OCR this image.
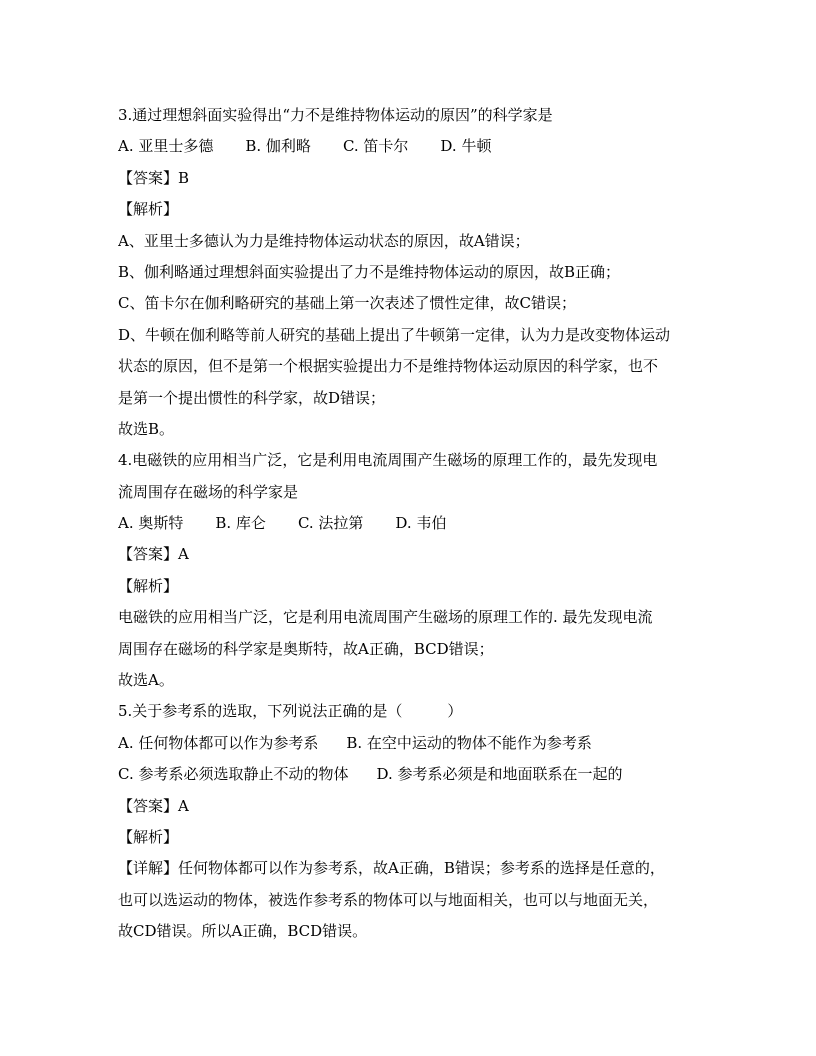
3.通过理想斜面实验得出“力不是维持物体运动的原因”的科学家是
A. 亚里士多德 B. 伽利略 C. 笛卡尔 D. 牛顿
【答案】B
【解析】
A、亚里士多德认为力是维持物体运动状态的原因，故A错误；
B、伽利略通过理想斜面实验提出了力不是维持物体运动的原因，故B正确；
C、笛卡尔在伽利略研究的基础上第一次表述了惯性定律，故C错误；
D、牛顿在伽利略等前人研究的基础上提出了牛顿第一定律，认为力是改变物体运动
状态的原因，但不是第一个根据实验提出力不是维持物体运动原因的科学家，也不
是第一个提出惯性的科学家，故D错误；
故选B。
4.电磁铁的应用相当广泛，它是利用电流周围产生磁场的原理工作的，最先发现电
流周围存在磁场的科学家是
A. 奥斯特 B. 库仑 C. 法拉第 D. 韦伯
【答案】A
【解析】
电磁铁的应用相当广泛，它是利用电流周围产生磁场的原理工作的. 最先发现电流
周围存在磁场的科学家是奥斯特，故A正确，BCD错误；
故选A。
5.关于参考系的选取，下列说法正确的是（　　　）
A. 任何物体都可以作为参考系 B. 在空中运动的物体不能作为参考系
C. 参考系必须选取静止不动的物体 D. 参考系必须是和地面联系在一起的
【答案】A
【解析】
【详解】任何物体都可以作为参考系，故A正确，B错误；参考系的选择是任意的，
也可以选运动的物体，被选作参考系的物体可以与地面相关，也可以与地面无关，
故CD错误。所以A正确，BCD错误。
